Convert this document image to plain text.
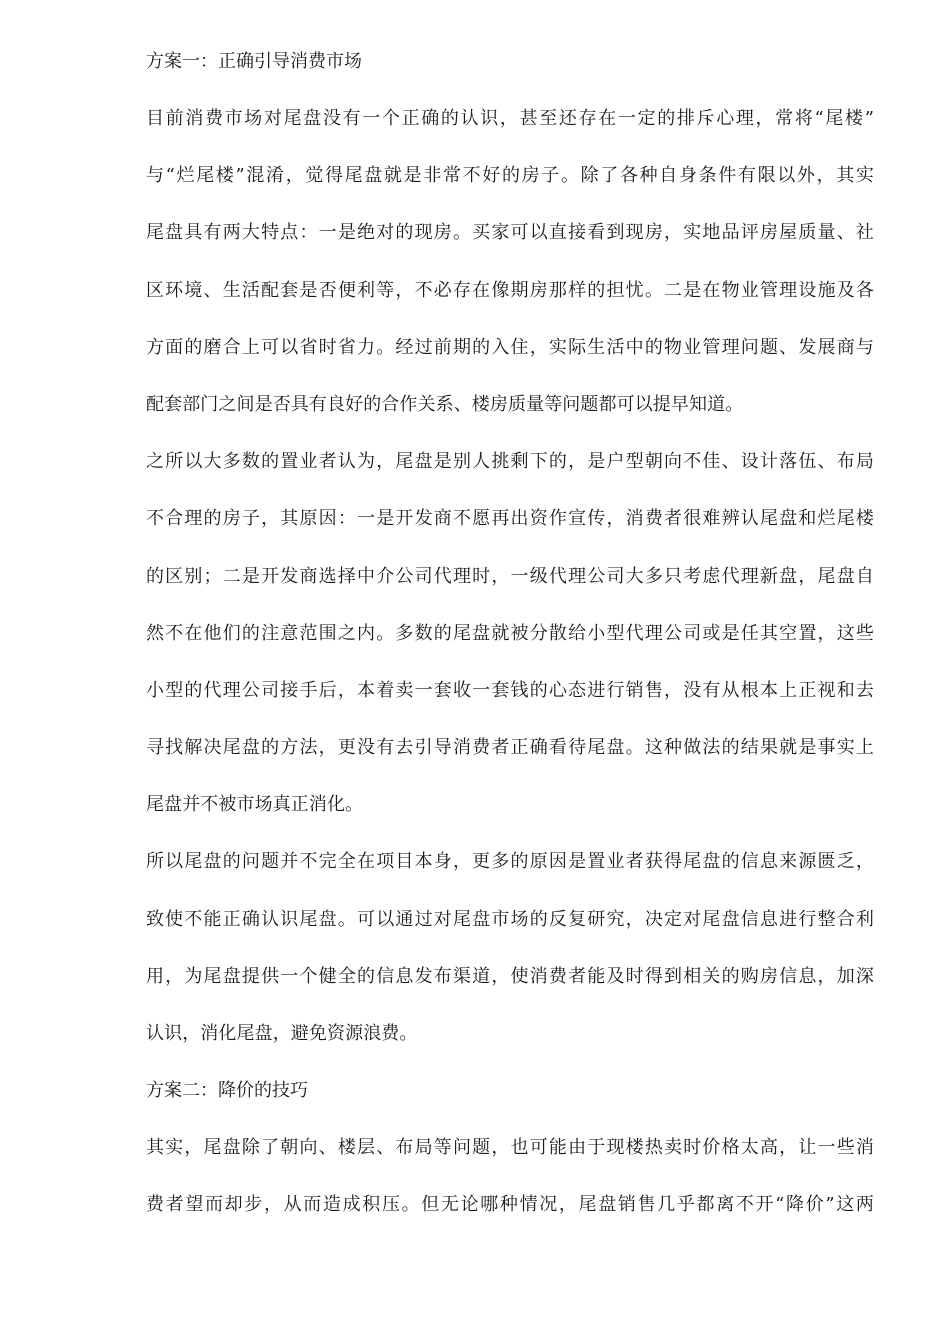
方案一：正确引导消费市场

目前消费市场对尾盘没有一个正确的认识，甚至还存在一定的排斥心理，常将“尾楼”
与“烂尾楼”混淆，觉得尾盘就是非常不好的房子。除了各种自身条件有限以外，其实
尾盘具有两大特点：一是绝对的现房。买家可以直接看到现房，实地品评房屋质量、社
区环境、生活配套是否便利等，不必存在像期房那样的担忧。二是在物业管理设施及各
方面的磨合上可以省时省力。经过前期的入住，实际生活中的物业管理问题、发展商与
配套部门之间是否具有良好的合作关系、楼房质量等问题都可以提早知道。
之所以大多数的置业者认为，尾盘是别人挑剩下的，是户型朝向不佳、设计落伍、布局
不合理的房子，其原因：一是开发商不愿再出资作宣传，消费者很难辨认尾盘和烂尾楼
的区别；二是开发商选择中介公司代理时，一级代理公司大多只考虑代理新盘，尾盘自
然不在他们的注意范围之内。多数的尾盘就被分散给小型代理公司或是任其空置，这些
小型的代理公司接手后，本着卖一套收一套钱的心态进行销售，没有从根本上正视和去
寻找解决尾盘的方法，更没有去引导消费者正确看待尾盘。这种做法的结果就是事实上
尾盘并不被市场真正消化。
所以尾盘的问题并不完全在项目本身，更多的原因是置业者获得尾盘的信息来源匮乏，
致使不能正确认识尾盘。可以通过对尾盘市场的反复研究，决定对尾盘信息进行整合利
用，为尾盘提供一个健全的信息发布渠道，使消费者能及时得到相关的购房信息，加深
认识，消化尾盘，避免资源浪费。

方案二：降价的技巧

其实，尾盘除了朝向、楼层、布局等问题，也可能由于现楼热卖时价格太高，让一些消
费者望而却步，从而造成积压。但无论哪种情况，尾盘销售几乎都离不开“降价”这两
